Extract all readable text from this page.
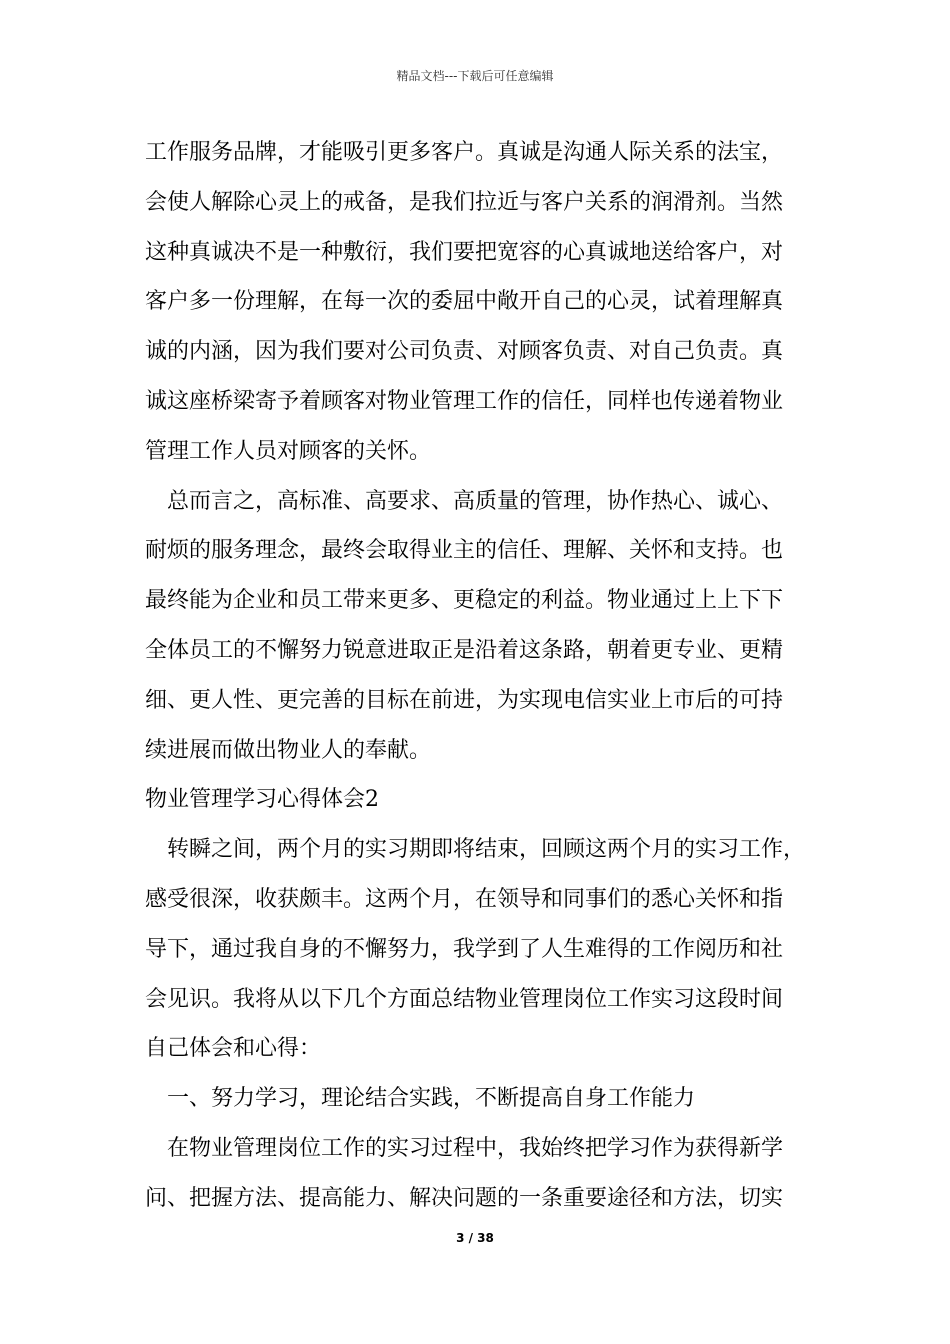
精品文档---下载后可任意编辑
工作服务品牌，才能吸引更多客户。真诚是沟通人际关系的法宝，
会使人解除心灵上的戒备，是我们拉近与客户关系的润滑剂。当然
这种真诚决不是一种敷衍，我们要把宽容的心真诚地送给客户，对
客户多一份理解，在每一次的委屈中敞开自己的心灵，试着理解真
诚的内涵，因为我们要对公司负责、对顾客负责、对自己负责。真
诚这座桥梁寄予着顾客对物业管理工作的信任，同样也传递着物业
管理工作人员对顾客的关怀。
　总而言之，高标准、高要求、高质量的管理，协作热心、诚心、
耐烦的服务理念，最终会取得业主的信任、理解、关怀和支持。也
最终能为企业和员工带来更多、更稳定的利益。物业通过上上下下
全体员工的不懈努力锐意进取正是沿着这条路，朝着更专业、更精
细、更人性、更完善的目标在前进，为实现电信实业上市后的可持
续进展而做出物业人的奉献。
物业管理学习心得体会2
　转瞬之间，两个月的实习期即将结束，回顾这两个月的实习工作，
感受很深，收获颇丰。这两个月，在领导和同事们的悉心关怀和指
导下，通过我自身的不懈努力，我学到了人生难得的工作阅历和社
会见识。我将从以下几个方面总结物业管理岗位工作实习这段时间
自己体会和心得：
　一、努力学习，理论结合实践，不断提高自身工作能力
　在物业管理岗位工作的实习过程中，我始终把学习作为获得新学
问、把握方法、提高能力、解决问题的一条重要途径和方法，切实
3 / 38
